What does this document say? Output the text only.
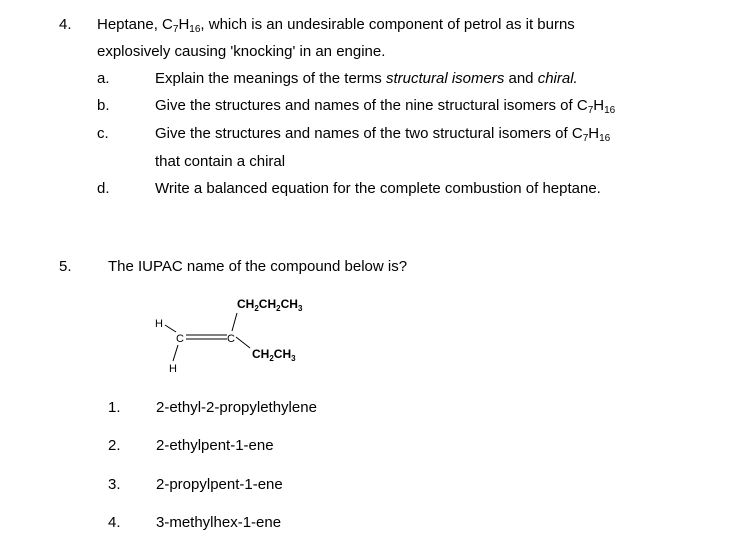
4. Heptane, $C_7H_{16}$, which is an undesirable component of petrol as it burns
explosively causing 'knocking' in an engine.
a.	Explain the meanings of the terms structural isomers and chiral.
b.	Give the structures and names of the nine structural isomers of $C_7H_{16}$
c.	Give the structures and names of the two structural isomers of $C_7H_{16}$
that contain a chiral
d.	Write a balanced equation for the complete combustion of heptane.
5. The IUPAC name of the compound below is?
$CH_2CH_2CH_3$
$CH_2CH_3$
H
H
C	C
1. 2-ethyl-2-propylethylene
2. 2-ethylpent-1-ene
3. 2-propylpent-1-ene
4. 3-methylhex-1-ene
